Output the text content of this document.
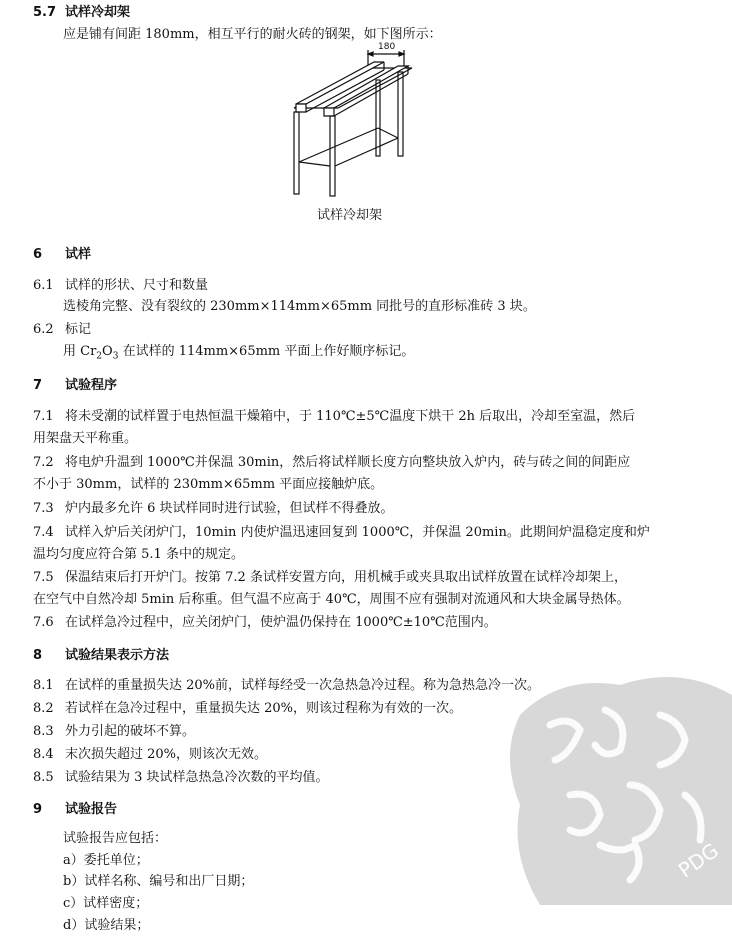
5.7 试样冷却架
应是铺有间距 180mm，相互平行的耐火砖的钢架，如下图所示：
180
试样冷却架
6 试样
6.1 试样的形状、尺寸和数量
选棱角完整、没有裂纹的 230mm×114mm×65mm 同批号的直形标准砖 3 块。
6.2 标记
用 $Cr_2O_3$ 在试样的 114mm×65mm 平面上作好顺序标记。
7 试验程序
7.1 将未受潮的试样置于电热恒温干燥箱中，于 110℃±5℃温度下烘干 2h 后取出，冷却至室温，然后
用架盘天平称重。
7.2 将电炉升温到 1000℃并保温 30min，然后将试样顺长度方向整块放入炉内，砖与砖之间的间距应
不小于 30mm，试样的 230mm×65mm 平面应接触炉底。
7.3 炉内最多允许 6 块试样同时进行试验，但试样不得叠放。
7.4 试样入炉后关闭炉门，10min 内使炉温迅速回复到 1000℃，并保温 20min。此期间炉温稳定度和炉
温均匀度应符合第 5.1 条中的规定。
7.5 保温结束后打开炉门。按第 7.2 条试样安置方向，用机械手或夹具取出试样放置在试样冷却架上，
在空气中自然冷却 5min 后称重。但气温不应高于 40℃，周围不应有强制对流通风和大块金属导热体。
7.6 在试样急冷过程中，应关闭炉门，使炉温仍保持在 1000℃±10℃范围内。
8 试验结果表示方法
8.1 在试样的重量损失达 20%前，试样每经受一次急热急冷过程。称为急热急冷一次。
8.2 若试样在急冷过程中，重量损失达 20%，则该过程称为有效的一次。
8.3 外力引起的破坏不算。
8.4 末次损失超过 20%，则该次无效。
8.5 试验结果为 3 块试样急热急冷次数的平均值。
9 试验报告
试验报告应包括：
a）委托单位；
b）试样名称、编号和出厂日期；
c）试样密度；
d）试验结果；
PDG
